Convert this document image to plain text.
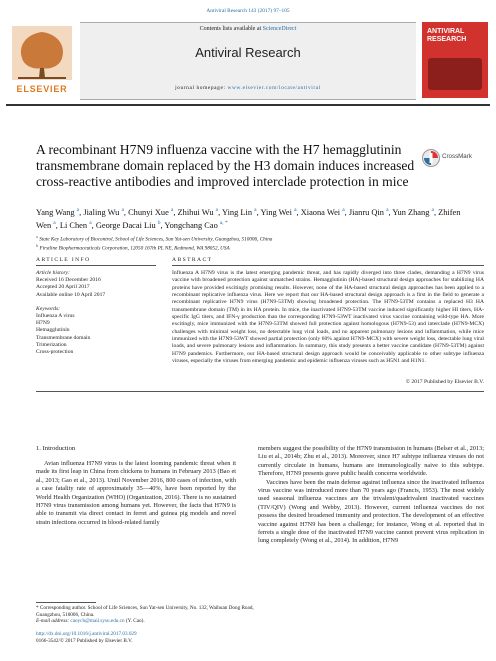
Antiviral Research 143 (2017) 97–105
ELSEVIER
Contents lists available at ScienceDirect
Antiviral Research
journal homepage: www.elsevier.com/locate/antiviral
ANTIVIRAL RESEARCH
A recombinant H7N9 influenza vaccine with the H7 hemagglutinin transmembrane domain replaced by the H3 domain induces increased cross-reactive antibodies and improved interclade protection in mice
CrossMark
Yang Wang $^a$, Jialing Wu $^a$, Chunyi Xue $^a$, Zhihui Wu $^a$, Ying Lin $^a$, Ying Wei $^a$, Xiaona Wei $^a$, Jianru Qin $^a$, Yun Zhang $^a$, Zhifen Wen $^a$, Li Chen $^a$, George Dacai Liu $^b$, Yongchang Cao $^{a, *}$
$^a$ State Key Laboratory of Biocontrol, School of Life Sciences, Sun Yat-sen University, Guangzhou, 510006, China
$^b$ Firstline Biopharmaceuticals Corporation, 12050 167th PL NE, Redmond, WA 98052, USA
ARTICLE INFO
Article history:
Received 16 December 2016
Accepted 20 April 2017
Available online 10 April 2017
Keywords:
Influenza A virus
H7N9
Hemagglutinin
Transmembrane domain
Trimerization
Cross-protection
ABSTRACT
Influenza A H7N9 virus is the latest emerging pandemic threat, and has rapidly diverged into three clades, demanding a H7N9 virus vaccine with broadened protection against unmatched strains. Hemagglutinin (HA)-based structural design approaches for stabilizing HA proteins have provided excitingly promising results. However, none of the HA-based structural design approaches has been applied to a recombinant replicative influenza virus. Here we report that our HA-based structural design approach is a first in the field to generate a recombinant replicative H7N9 virus (H7N9-53TM) showing broadened protection. The H7N9-53TM contains a replaced H3 HA transmembrane domain (TM) in its HA protein. In mice, the inactivated H7N9-53TM vaccine induced significantly higher HI titers, HA-specific IgG titers, and IFN-γ production than the corresponding H7N9-53WT inactivated virus vaccine containing wild-type HA. More excitingly, mice immunized with the H7N9-53TM showed full protection against homologous (H7N9-53) and interclade (H7N9-MCX) challenges with minimal weight loss, no detectable lung viral loads, and no apparent pulmonary lesions and inflammation, while mice immunized with the H7N9-53WT showed partial protection (only 60% against H7N9-MCX) with severe weight loss, detectable lung viral loads, and severe pulmonary lesions and inflammation. In summary, this study presents a better vaccine candidate (H7N9-53TM) against H7N9 pandemics. Furthermore, our HA-based structural design approach would be conceivably applicable to other subtype influenza viruses, especially the viruses from emerging pandemic and epidemic influenza viruses such as H5N1 and H1N1.
© 2017 Published by Elsevier B.V.
1. Introduction
Avian influenza H7N9 virus is the latest looming pandemic threat when it made its first leap in China from chickens to humans in February 2013 (Bao et al., 2013; Gao et al., 2013). Until November 2016, 800 cases of infection, with a case fatality rate of approximately 35—40%, have been reported by the World Health Organization (WHO) (Organization, 2016). There is no sustained H7N9 virus transmission among humans yet. However, the facts that H7N9 is able to transmit via direct contact in ferret and guinea pig models and novel strain infections occurred in blood-related family

members suggest the possibility of the H7N9 transmission in humans (Belser et al., 2013; Liu et al., 2014b; Zhu et al., 2013). Moreover, since H7 subtype influenza viruses do not currently circulate in humans, humans are immunologically naive to this subtype. Therefore, H7N9 presents grave public health concerns worldwide.

Vaccines have been the main defense against influenza since the inactivated influenza virus vaccine was introduced more than 70 years ago (Francis, 1953). The most widely used seasonal influenza vaccines are the trivalent/quadrivalent inactivated vaccines (TIV/QIV) (Wong and Webby, 2013). However, current influenza vaccines do not possess the desired broadened immunity and protection. The development of an effective vaccine against H7N9 has been a challenge; for instance, Wong et al. reported that in ferrets a single dose of the inactivated H7N9 vaccine cannot prevent virus replication in lung completely (Wong et al., 2014). In addition, H7N9

* Corresponding author. School of Life Sciences, Sun Yat-sen University, No. 132, Waihuan Dong Road, Guangzhou, 510006, China.
E-mail address: caoych@mail.sysu.edu.cn (Y. Cao).
http://dx.doi.org/10.1016/j.antiviral.2017.03.029
0166-3542/© 2017 Published by Elsevier B.V.
